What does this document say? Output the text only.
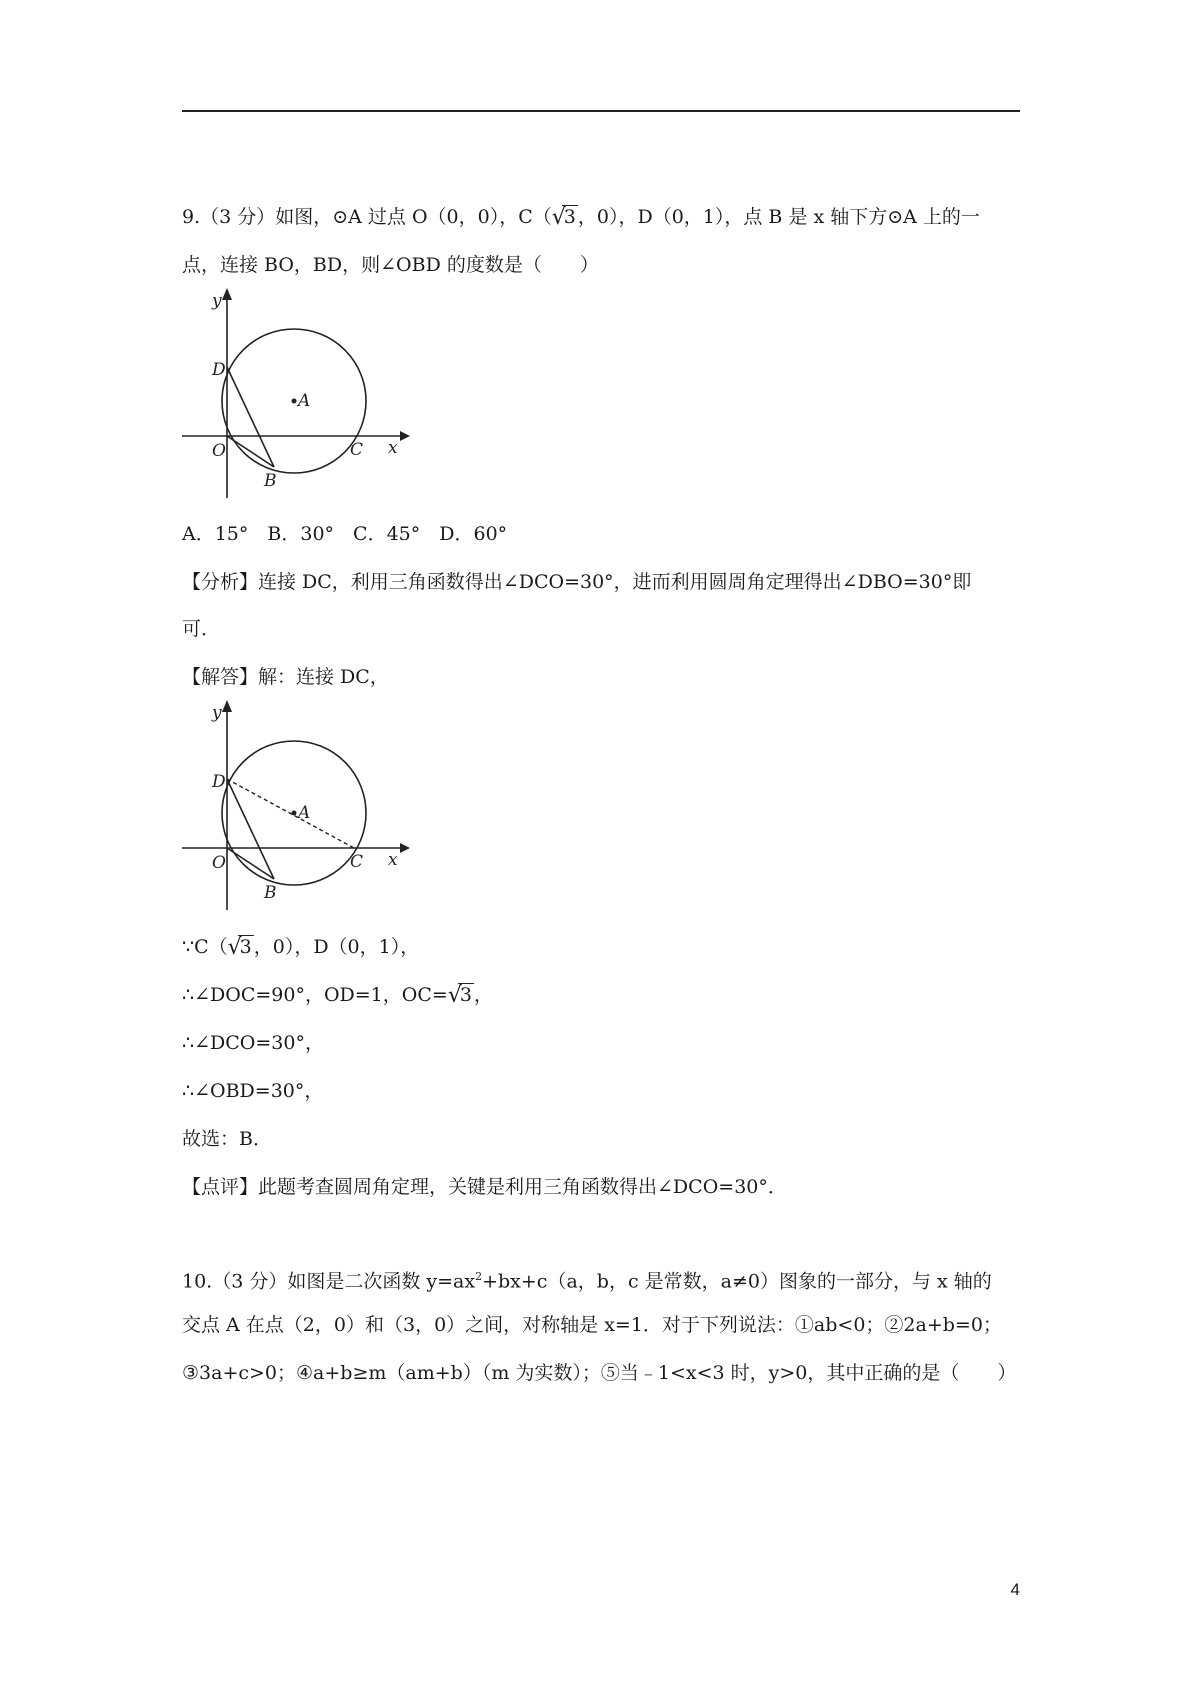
9.（3 分）如图，⊙A 过点 O（0，0），C（ √
3 ，0），D（0，1），点 B 是 x 轴下方⊙A 上的一
点，连接 BO，BD，则∠OBD 的度数是（　　）
y
D
A
O	C x
B
A．15°　B．30°　C．45°　D．60°
【分析】连接 DC，利用三角函数得出∠DCO=30°，进而利用圆周角定理得出∠DBO=30°即
可．
【解答】解：连接 DC，
y
D
A
O	C x
B
∵C（ √
3 ，0），D（0，1），
∴∠DOC=90°，OD=1，OC= √
3 ，
∴∠DCO=30°，
∴∠OBD=30°，
故选：B．
【点评】此题考查圆周角定理，关键是利用三角函数得出∠DCO=30°．
10.（3 分）如图是二次函数 $y=ax^2+bx+c(a$，b，c 是常数，a≠0）图象的一部分，与 x 轴的
交点 A 在点（2，0）和（3，0）之间，对称轴是 x=1．对于下列说法：①ab<0；②2a+b=0；
③3a+c>0；④a+b≥m（am+b）（m 为实数）；⑤当﹣1<x<3 时，y>0，其中正确的是（　　）
4
